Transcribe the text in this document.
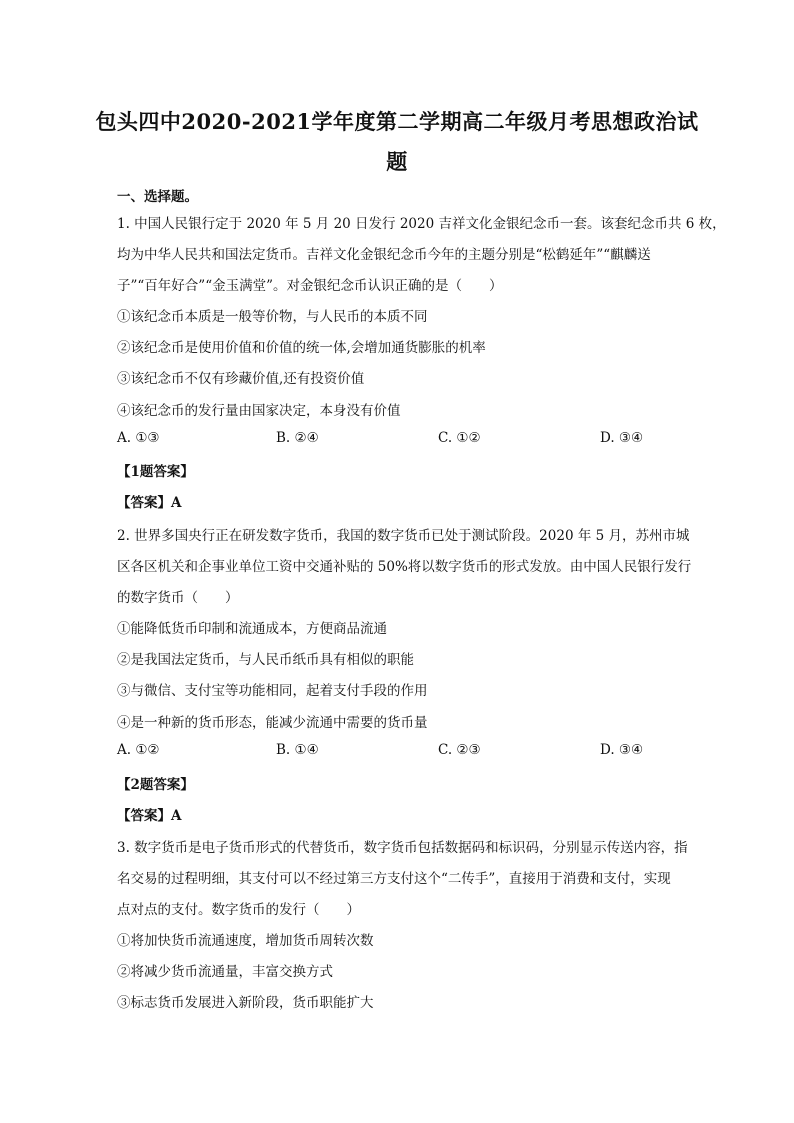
包头四中2020-2021学年度第二学期高二年级月考思想政治试
题
一、选择题。
1. 中国人民银行定于 2020 年 5 月 20 日发行 2020 吉祥文化金银纪念币一套。该套纪念币共 6 枚，
均为中华人民共和国法定货币。吉祥文化金银纪念币今年的主题分别是“松鹤延年”“麒麟送
子”“百年好合”“金玉满堂”。对金银纪念币认识正确的是（　　）
①该纪念币本质是一般等价物，与人民币的本质不同
②该纪念币是使用价值和价值的统一体,会增加通货膨胀的机率
③该纪念币不仅有珍藏价值,还有投资价值
④该纪念币的发行量由国家决定，本身没有价值
A. ①③	B. ②④	C. ①②	D. ③④
【1题答案】
【答案】A
2. 世界多国央行正在研发数字货币，我国的数字货币已处于测试阶段。2020 年 5 月，苏州市城
区各区机关和企事业单位工资中交通补贴的 50%将以数字货币的形式发放。由中国人民银行发行
的数字货币（　　）
①能降低货币印制和流通成本，方便商品流通
②是我国法定货币，与人民币纸币具有相似的职能
③与微信、支付宝等功能相同，起着支付手段的作用
④是一种新的货币形态，能减少流通中需要的货币量
A. ①②	B. ①④	C. ②③	D. ③④
【2题答案】
【答案】A
3. 数字货币是电子货币形式的代替货币，数字货币包括数据码和标识码，分别显示传送内容，指
名交易的过程明细，其支付可以不经过第三方支付这个“二传手”，直接用于消费和支付，实现
点对点的支付。数字货币的发行（　　）
①将加快货币流通速度，增加货币周转次数
②将减少货币流通量，丰富交换方式
③标志货币发展进入新阶段，货币职能扩大
